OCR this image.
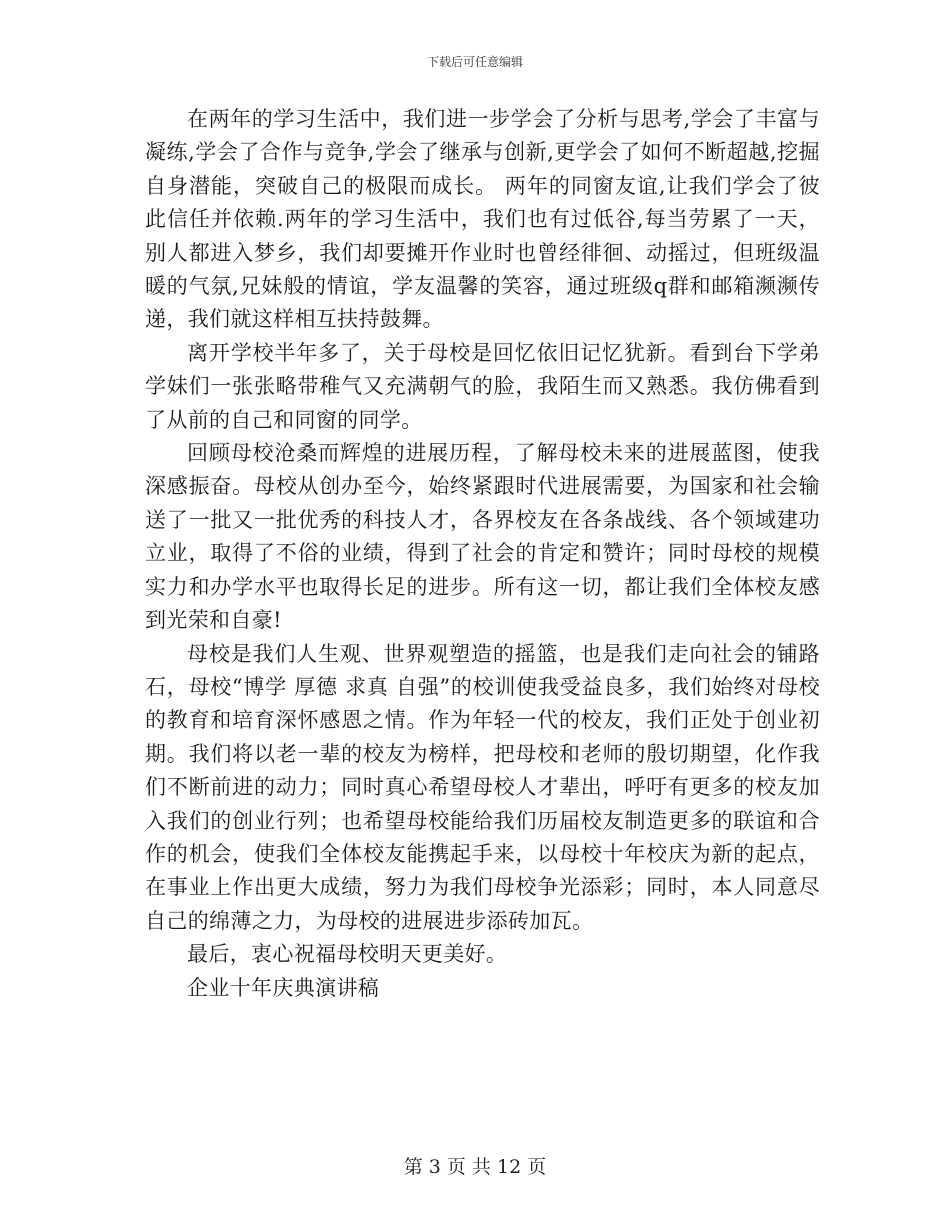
下载后可任意编辑

在两年的学习生活中，我们进一步学会了分析与思考,学会了丰富与凝练,学会了合作与竞争,学会了继承与创新,更学会了如何不断超越,挖掘自身潜能，突破自己的极限而成长。 两年的同窗友谊,让我们学会了彼此信任并依赖.两年的学习生活中，我们也有过低谷,每当劳累了一天，别人都进入梦乡，我们却要摊开作业时也曾经徘徊、动摇过，但班级温暖的气氛,兄妹般的情谊，学友温馨的笑容，通过班级q群和邮箱濒濒传递，我们就这样相互扶持鼓舞。

离开学校半年多了，关于母校是回忆依旧记忆犹新。看到台下学弟学妹们一张张略带稚气又充满朝气的脸，我陌生而又熟悉。我仿佛看到了从前的自己和同窗的同学。

回顾母校沧桑而辉煌的进展历程，了解母校未来的进展蓝图，使我深感振奋。母校从创办至今，始终紧跟时代进展需要，为国家和社会输送了一批又一批优秀的科技人才，各界校友在各条战线、各个领域建功立业，取得了不俗的业绩，得到了社会的肯定和赞许；同时母校的规模实力和办学水平也取得长足的进步。所有这一切，都让我们全体校友感到光荣和自豪!

母校是我们人生观、世界观塑造的摇篮，也是我们走向社会的铺路石，母校“博学 厚德 求真 自强”的校训使我受益良多，我们始终对母校的教育和培育深怀感恩之情。作为年轻一代的校友，我们正处于创业初期。我们将以老一辈的校友为榜样，把母校和老师的殷切期望，化作我们不断前进的动力；同时真心希望母校人才辈出，呼吁有更多的校友加入我们的创业行列；也希望母校能给我们历届校友制造更多的联谊和合作的机会，使我们全体校友能携起手来，以母校十年校庆为新的起点，在事业上作出更大成绩，努力为我们母校争光添彩；同时，本人同意尽自己的绵薄之力，为母校的进展进步添砖加瓦。

最后，衷心祝福母校明天更美好。

企业十年庆典演讲稿

第 3 页 共 12 页
